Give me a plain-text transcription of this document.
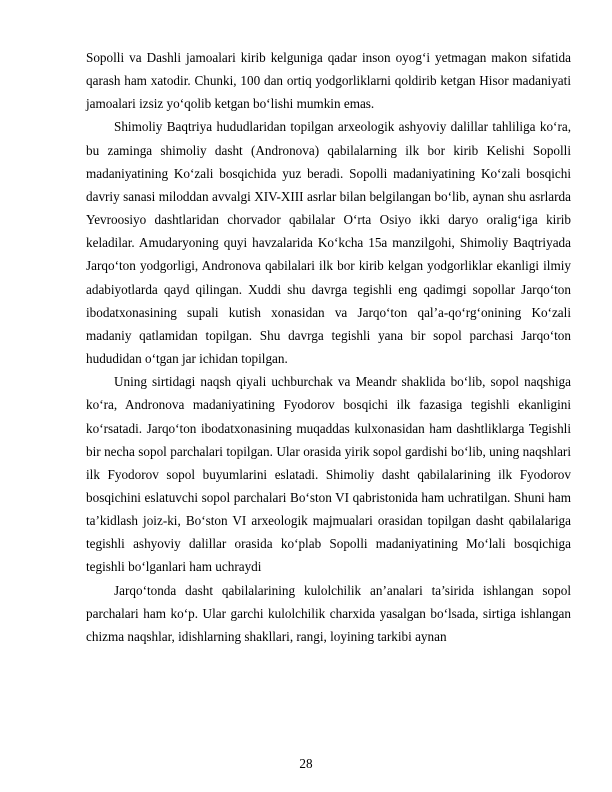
Sopolli va Dashli jamoalari kirib kelguniga qadar inson oyog‘i yetmagan makon sifatida qarash ham xatodir. Chunki, 100 dan ortiq yodgorliklarni qoldirib ketgan Hisor madaniyati jamoalari izsiz yo‘qolib ketgan bo‘lishi mumkin emas.

Shimoliy Baqtriya hududlaridan topilgan arxeologik ashyoviy dalillar tahliliga ko‘ra, bu zaminga shimoliy dasht (Andronova) qabilalarning ilk bor kirib Kelishi Sopolli madaniyatining Ko‘zali bosqichida yuz beradi. Sopolli madaniyatining Ko‘zali bosqichi davriy sanasi miloddan avvalgi XIV-XIII asrlar bilan belgilangan bo‘lib, aynan shu asrlarda Yevroosiyo dashtlaridan chorvador qabilalar O‘rta Osiyo ikki daryo oralig‘iga kirib keladilar. Amudaryoning quyi havzalarida Ko‘kcha 15a manzilgohi, Shimoliy Baqtriyada Jarqo‘ton yodgorligi, Andronova qabilalari ilk bor kirib kelgan yodgorliklar ekanligi ilmiy adabiyotlarda qayd qilingan. Xuddi shu davrga tegishli eng qadimgi sopollar Jarqo‘ton ibodatxonasining supali kutish xonasidan va Jarqo‘ton qal’a-qo‘rg‘onining Ko‘zali madaniy qatlamidan topilgan. Shu davrga tegishli yana bir sopol parchasi Jarqo‘ton hududidan o‘tgan jar ichidan topilgan.

Uning sirtidagi naqsh qiyali uchburchak va Meandr shaklida bo‘lib, sopol naqshiga ko‘ra, Andronova madaniyatining Fyodorov bosqichi ilk fazasiga tegishli ekanligini ko‘rsatadi. Jarqo‘ton ibodatxonasining muqaddas kulxonasidan ham dashtliklarga Tegishli bir necha sopol parchalari topilgan. Ular orasida yirik sopol gardishi bo‘lib, uning naqshlari ilk Fyodorov sopol buyumlarini eslatadi. Shimoliy dasht qabilalarining ilk Fyodorov bosqichini eslatuvchi sopol parchalari Bo‘ston VI qabristonida ham uchratilgan. Shuni ham ta’kidlash joiz-ki, Bo‘ston VI arxeologik majmualari orasidan topilgan dasht qabilalariga tegishli ashyoviy dalillar orasida ko‘plab Sopolli madaniyatining Mo‘lali bosqichiga tegishli bo‘lganlari ham uchraydi

Jarqo‘tonda dasht qabilalarining kulolchilik an’analari ta’sirida ishlangan sopol parchalari ham ko‘p. Ular garchi kulolchilik charxida yasalgan bo‘lsada, sirtiga ishlangan chizma naqshlar, idishlarning shakllari, rangi, loyining tarkibi aynan

28
